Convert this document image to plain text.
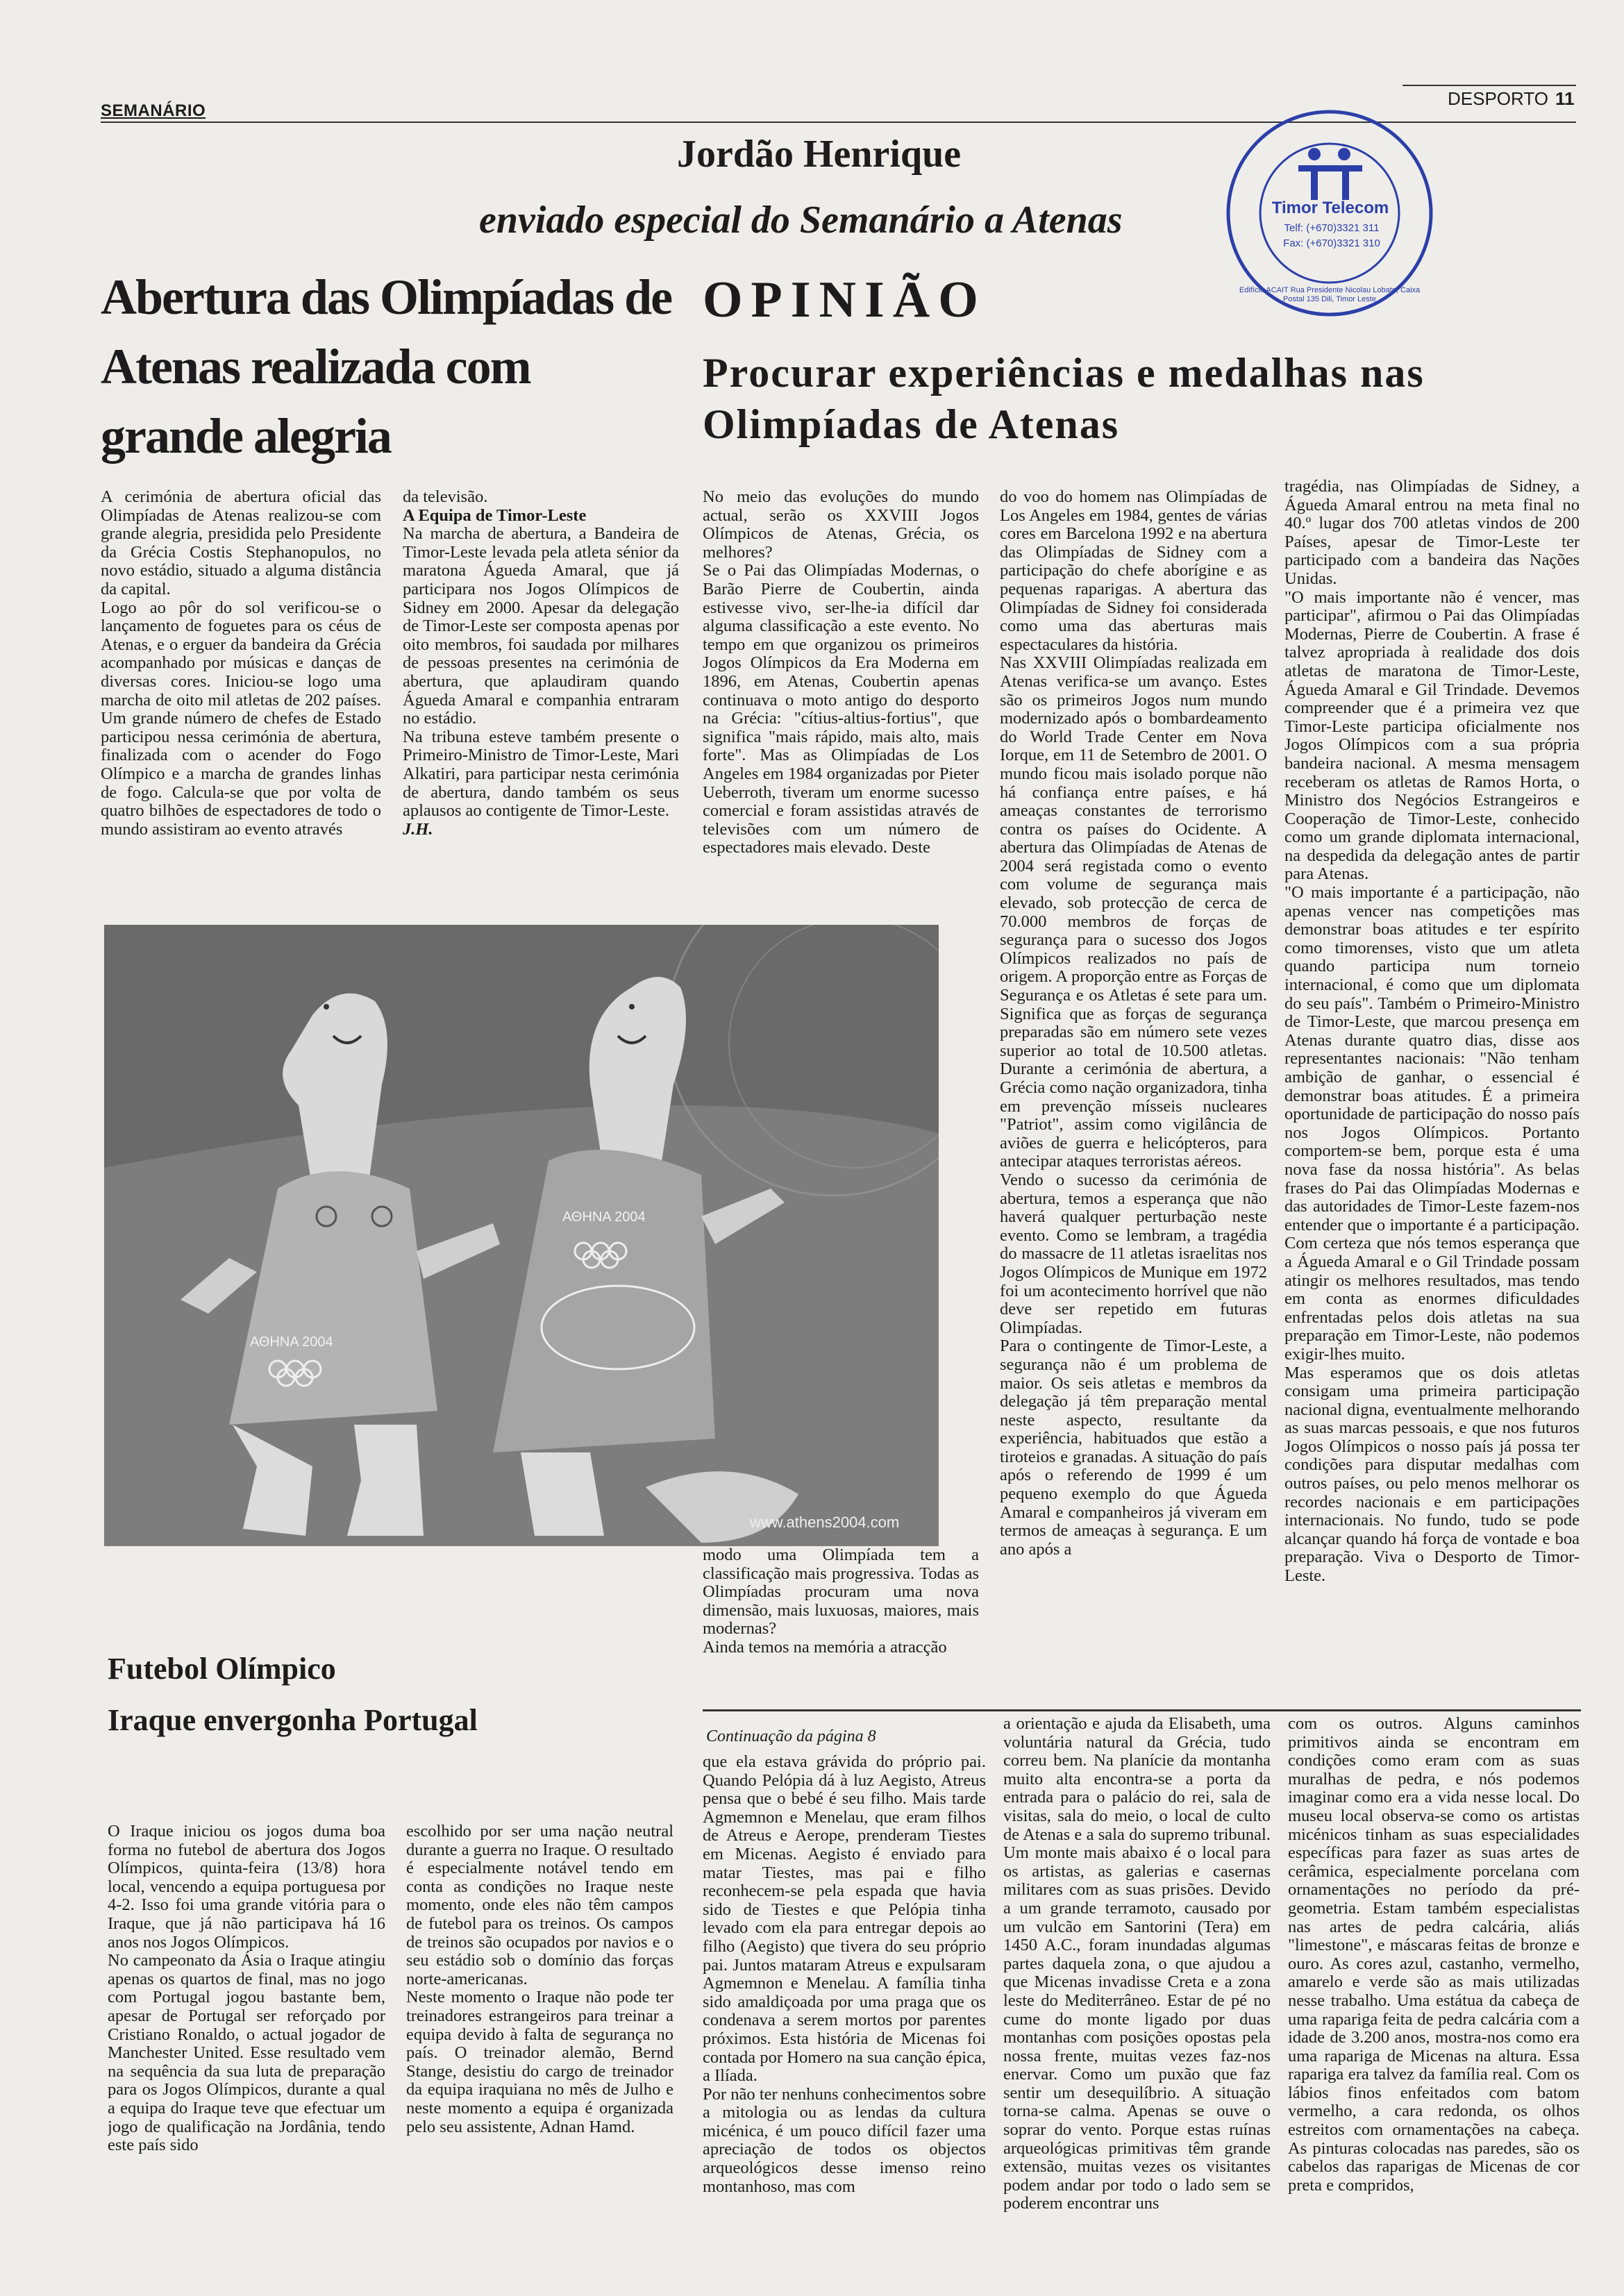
SEMANÁRIO
DESPORTO 11
Jordão Henrique
enviado especial do Semanário a Atenas	Timor Telecom
Telf: (+670)3321 311
Fax: (+670)3321 310
Edifício ACAIT Rua Presidente Nicolau Lobato, Caixa Postal 135 Dili, Timor Leste
Abertura das Olimpíadas de Atenas realizada com grande alegria

A cerimónia de abertura oficial das Olimpíadas de Atenas realizou-se com grande alegria, presidida pelo Presidente da Grécia Costis Stephanopulos, no novo estádio, situado a alguma distância da capital.

Logo ao pôr do sol verificou-se o lançamento de foguetes para os céus de Atenas, e o erguer da bandeira da Grécia acompanhado por músicas e danças de diversas cores. Iniciou-se logo uma marcha de oito mil atletas de 202 países. Um grande número de chefes de Estado participou nessa cerimónia de abertura, finalizada com o acender do Fogo Olímpico e a marcha de grandes linhas de fogo. Calcula-se que por volta de quatro bilhões de espectadores de todo o mundo assistiram ao evento através

da televisão.

A Equipa de Timor-Leste

Na marcha de abertura, a Bandeira de Timor-Leste levada pela atleta sénior da maratona Águeda Amaral, que já participara nos Jogos Olímpicos de Sidney em 2000. Apesar da delegação de Timor-Leste ser composta apenas por oito membros, foi saudada por milhares de pessoas presentes na cerimónia de abertura, que aplaudiram quando Águeda Amaral e companhia entraram no estádio.

Na tribuna esteve também presente o Primeiro-Ministro de Timor-Leste, Mari Alkatiri, para participar nesta cerimónia de abertura, dando também os seus aplausos ao contigente de Timor-Leste.

J.H.

OPINIÃO
Procurar experiências e medalhas nas Olimpíadas de Atenas

No meio das evoluções do mundo actual, serão os XXVIII Jogos Olímpicos de Atenas, Grécia, os melhores?

Se o Pai das Olimpíadas Modernas, o Barão Pierre de Coubertin, ainda estivesse vivo, ser-lhe-ia difícil dar alguma classificação a este evento. No tempo em que organizou os primeiros Jogos Olímpicos da Era Moderna em 1896, em Atenas, Coubertin apenas continuava o moto antigo do desporto na Grécia: "cítius-altius-fortius", que significa "mais rápido, mais alto, mais forte". Mas as Olimpíadas de Los Angeles em 1984 organizadas por Pieter Ueberroth, tiveram um enorme sucesso comercial e foram assistidas através de televisões com um número de espectadores mais elevado. Deste

ΑΘΗΝΑ 2004
ΑΘΗΝΑ 2004
www.athens2004.com

modo uma Olimpíada tem a classificação mais progressiva. Todas as Olimpíadas procuram uma nova dimensão, mais luxuosas, maiores, mais modernas?

Ainda temos na memória a atracção

do voo do homem nas Olimpíadas de Los Angeles em 1984, gentes de várias cores em Barcelona 1992 e na abertura das Olimpíadas de Sidney com a participação do chefe aborígine e as pequenas raparigas. A abertura das Olimpíadas de Sidney foi considerada como uma das aberturas mais espectaculares da história.

Nas XXVIII Olimpíadas realizada em Atenas verifica-se um avanço. Estes são os primeiros Jogos num mundo modernizado após o bombardeamento do World Trade Center em Nova Iorque, em 11 de Setembro de 2001. O mundo ficou mais isolado porque não há confiança entre países, e há ameaças constantes de terrorismo contra os países do Ocidente. A abertura das Olimpíadas de Atenas de 2004 será registada como o evento com volume de segurança mais elevado, sob protecção de cerca de 70.000 membros de forças de segurança para o sucesso dos Jogos Olímpicos realizados no país de origem. A proporção entre as Forças de Segurança e os Atletas é sete para um. Significa que as forças de segurança preparadas são em número sete vezes superior ao total de 10.500 atletas. Durante a cerimónia de abertura, a Grécia como nação organizadora, tinha em prevenção mísseis nucleares "Patriot", assim como vigilância de aviões de guerra e helicópteros, para antecipar ataques terroristas aéreos.

Vendo o sucesso da cerimónia de abertura, temos a esperança que não haverá qualquer perturbação neste evento. Como se lembram, a tragédia do massacre de 11 atletas israelitas nos Jogos Olímpicos de Munique em 1972 foi um acontecimento horrível que não deve ser repetido em futuras Olimpíadas.

Para o contingente de Timor-Leste, a segurança não é um problema de maior. Os seis atletas e membros da delegação já têm preparação mental neste aspecto, resultante da experiência, habituados que estão a tiroteios e granadas. A situação do país após o referendo de 1999 é um pequeno exemplo do que Águeda Amaral e companheiros já viveram em termos de ameaças à segurança. E um ano após a

tragédia, nas Olimpíadas de Sidney, a Águeda Amaral entrou na meta final no 40.º lugar dos 700 atletas vindos de 200 Países, apesar de Timor-Leste ter participado com a bandeira das Nações Unidas.

"O mais importante não é vencer, mas participar", afirmou o Pai das Olimpíadas Modernas, Pierre de Coubertin. A frase é talvez apropriada à realidade dos dois atletas de maratona de Timor-Leste, Águeda Amaral e Gil Trindade. Devemos compreender que é a primeira vez que Timor-Leste participa oficialmente nos Jogos Olímpicos com a sua própria bandeira nacional. A mesma mensagem receberam os atletas de Ramos Horta, o Ministro dos Negócios Estrangeiros e Cooperação de Timor-Leste, conhecido como um grande diplomata internacional, na despedida da delegação antes de partir para Atenas.

"O mais importante é a participação, não apenas vencer nas competições mas demonstrar boas atitudes e ter espírito como timorenses, visto que um atleta quando participa num torneio internacional, é como que um diplomata do seu país". Também o Primeiro-Ministro de Timor-Leste, que marcou presença em Atenas durante quatro dias, disse aos representantes nacionais: "Não tenham ambição de ganhar, o essencial é demonstrar boas atitudes. É a primeira oportunidade de participação do nosso país nos Jogos Olímpicos. Portanto comportem-se bem, porque esta é uma nova fase da nossa história". As belas frases do Pai das Olimpíadas Modernas e das autoridades de Timor-Leste fazem-nos entender que o importante é a participação. Com certeza que nós temos esperança que a Águeda Amaral e o Gil Trindade possam atingir os melhores resultados, mas tendo em conta as enormes dificuldades enfrentadas pelos dois atletas na sua preparação em Timor-Leste, não podemos exigir-lhes muito.

Mas esperamos que os dois atletas consigam uma primeira participação nacional digna, eventualmente melhorando as suas marcas pessoais, e que nos futuros Jogos Olímpicos o nosso país já possa ter condições para disputar medalhas com outros países, ou pelo menos melhorar os recordes nacionais e em participações internacionais. No fundo, tudo se pode alcançar quando há força de vontade e boa preparação. Viva o Desporto de Timor-Leste.

Futebol Olímpico
Iraque envergonha Portugal

O Iraque iniciou os jogos duma boa forma no futebol de abertura dos Jogos Olímpicos, quinta-feira (13/8) hora local, vencendo a equipa portuguesa por 4-2. Isso foi uma grande vitória para o Iraque, que já não participava há 16 anos nos Jogos Olímpicos.

No campeonato da Ásia o Iraque atingiu apenas os quartos de final, mas no jogo com Portugal jogou bastante bem, apesar de Portugal ser reforçado por Cristiano Ronaldo, o actual jogador de Manchester United. Esse resultado vem na sequência da sua luta de preparação para os Jogos Olímpicos, durante a qual a equipa do Iraque teve que efectuar um jogo de qualificação na Jordânia, tendo este país sido

escolhido por ser uma nação neutral durante a guerra no Iraque. O resultado é especialmente notável tendo em conta as condições no Iraque neste momento, onde eles não têm campos de futebol para os treinos. Os campos de treinos são ocupados por navios e o seu estádio sob o domínio das forças norte-americanas.

Neste momento o Iraque não pode ter treinadores estrangeiros para treinar a equipa devido à falta de segurança no país. O treinador alemão, Bernd Stange, desistiu do cargo de treinador da equipa iraquiana no mês de Julho e neste momento a equipa é organizada pelo seu assistente, Adnan Hamd.

Continuação da página 8

que ela estava grávida do próprio pai. Quando Pelópia dá à luz Aegisto, Atreus pensa que o bebé é seu filho. Mais tarde Agmemnon e Menelau, que eram filhos de Atreus e Aerope, prenderam Tiestes em Micenas. Aegisto é enviado para matar Tiestes, mas pai e filho reconhecem-se pela espada que havia sido de Tiestes e que Pelópia tinha levado com ela para entregar depois ao filho (Aegisto) que tivera do seu próprio pai. Juntos mataram Atreus e expulsaram Agmemnon e Menelau. A família tinha sido amaldiçoada por uma praga que os condenava a serem mortos por parentes próximos. Esta história de Micenas foi contada por Homero na sua canção épica, a Ilíada.

Por não ter nenhuns conhecimentos sobre a mitologia ou as lendas da cultura micénica, é um pouco difícil fazer uma apreciação de todos os objectos arqueológicos desse imenso reino montanhoso, mas com

a orientação e ajuda da Elisabeth, uma voluntária natural da Grécia, tudo correu bem. Na planície da montanha muito alta encontra-se a porta da entrada para o palácio do rei, sala de visitas, sala do meio, o local de culto de Atenas e a sala do supremo tribunal. Um monte mais abaixo é o local para os artistas, as galerias e casernas militares com as suas prisões. Devido a um grande terramoto, causado por um vulcão em Santorini (Tera) em 1450 A.C., foram inundadas algumas partes daquela zona, o que ajudou a que Micenas invadisse Creta e a zona leste do Mediterrâneo. Estar de pé no cume do monte ligado por duas montanhas com posições opostas pela nossa frente, muitas vezes faz-nos enervar. Como um puxão que faz sentir um desequilíbrio. A situação torna-se calma. Apenas se ouve o soprar do vento. Porque estas ruínas arqueológicas primitivas têm grande extensão, muitas vezes os visitantes podem andar por todo o lado sem se poderem encontrar uns

com os outros. Alguns caminhos primitivos ainda se encontram em condições como eram com as suas muralhas de pedra, e nós podemos imaginar como era a vida nesse local. Do museu local observa-se como os artistas micénicos tinham as suas especialidades específicas para fazer as suas artes de cerâmica, especialmente porcelana com ornamentações no período da pré-geometria. Estam também especialistas nas artes de pedra calcária, aliás "limestone", e máscaras feitas de bronze e ouro. As cores azul, castanho, vermelho, amarelo e verde são as mais utilizadas nesse trabalho. Uma estátua da cabeça de uma rapariga feita de pedra calcária com a idade de 3.200 anos, mostra-nos como era uma rapariga de Micenas na altura. Essa rapariga era talvez da família real. Com os lábios finos enfeitados com batom vermelho, a cara redonda, os olhos estreitos com ornamentações na cabeça. As pinturas colocadas nas paredes, são os cabelos das raparigas de Micenas de cor preta e compridos,
